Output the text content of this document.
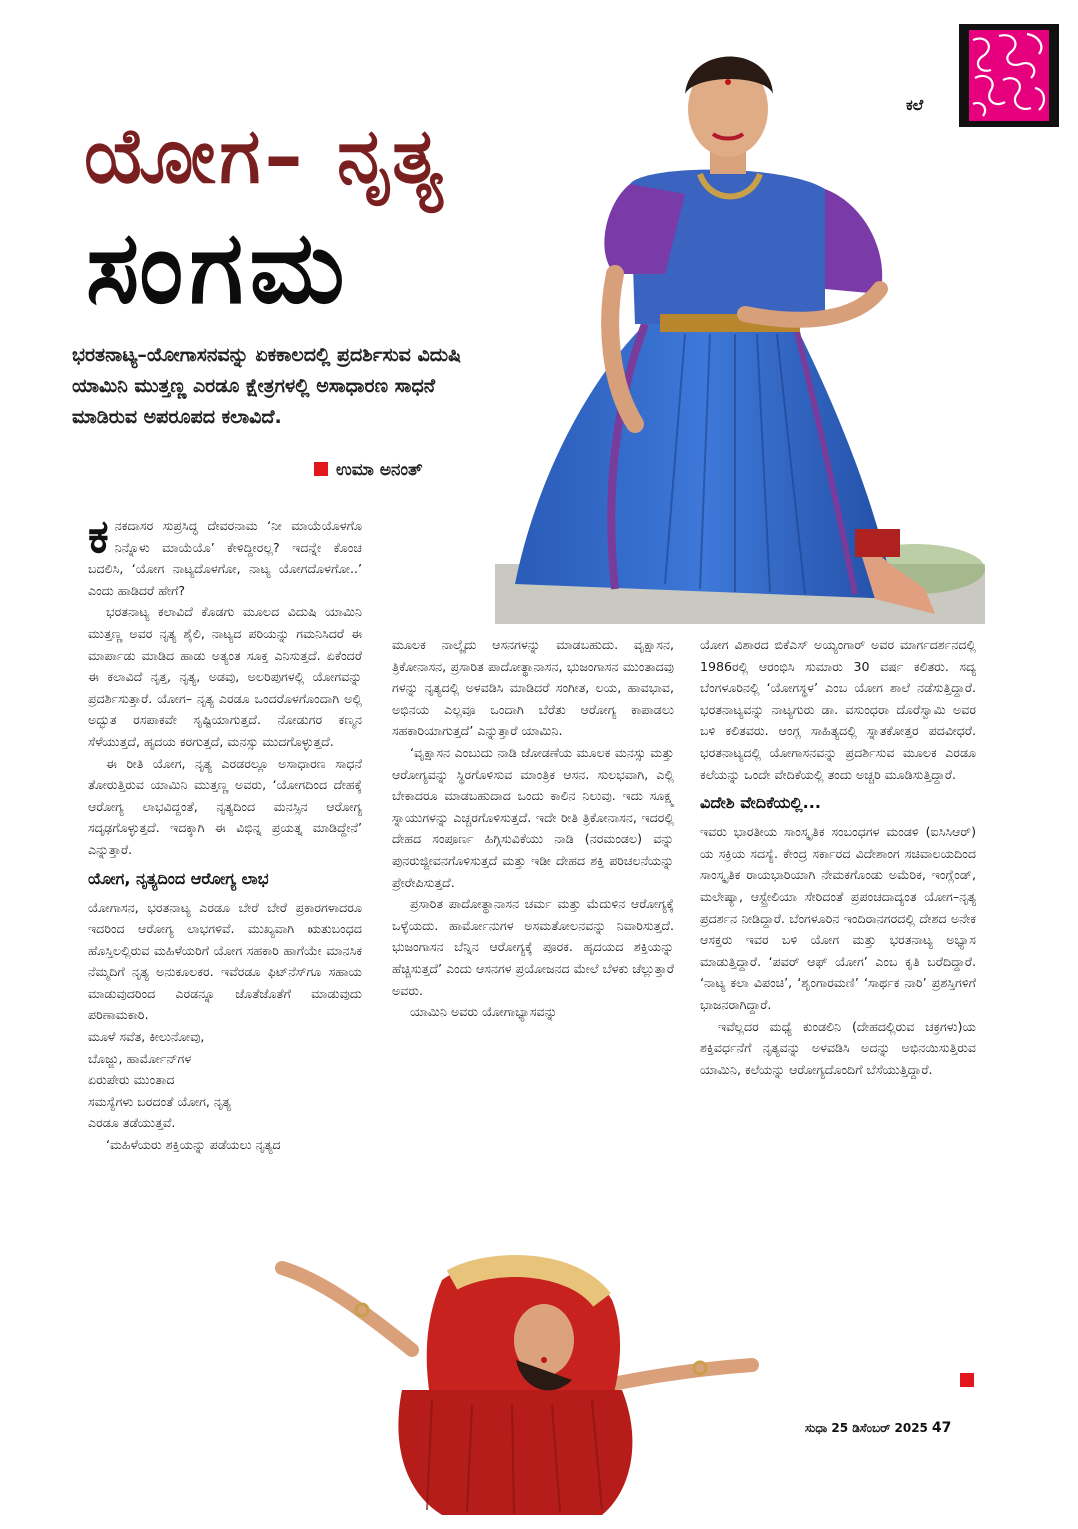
ಕಲೆ
ಯೋಗ– ನೃತ್ಯ
ಸಂಗಮ
ಭರತನಾಟ್ಯ–ಯೋಗಾಸನವನ್ನು ಏಕಕಾಲದಲ್ಲಿ ಪ್ರದರ್ಶಿಸುವ ವಿದುಷಿ ಯಾಮಿನಿ ಮುತ್ತಣ್ಣ ಎರಡೂ ಕ್ಷೇತ್ರಗಳಲ್ಲಿ ಅಸಾಧಾರಣ ಸಾಧನೆ ಮಾಡಿರುವ ಅಪರೂಪದ ಕಲಾವಿದೆ.
ಉಮಾ ಅನಂತ್

ಕನಕದಾಸರ ಸುಪ್ರಸಿದ್ಧ ದೇವರನಾಮ ‘ನೀ ಮಾಯೆಯೊಳಗೊ ನಿನ್ನೊಳು ಮಾಯೆಯೊ’ ಕೇಳಿದ್ದೀರಲ್ಲ? ಇದನ್ನೇ ಕೊಂಚ ಬದಲಿಸಿ, ‘ಯೋಗ ನಾಟ್ಯದೊಳಗೋ, ನಾಟ್ಯ ಯೋಗದೊಳಗೋ..’ ಎಂದು ಹಾಡಿದರೆ ಹೇಗೆ?

ಭರತನಾಟ್ಯ ಕಲಾವಿದೆ ಕೊಡಗು ಮೂಲದ ವಿದುಷಿ ಯಾಮಿನಿ ಮುತ್ತಣ್ಣ ಅವರ ನೃತ್ಯ ಶೈಲಿ, ನಾಟ್ಯದ ಪರಿಯನ್ನು ಗಮನಿಸಿದರೆ ಈ ಮಾರ್ಪಾಡು ಮಾಡಿದ ಹಾಡು ಅತ್ಯಂತ ಸೂಕ್ತ ಎನಿಸುತ್ತದೆ. ಏಕೆಂದರೆ ಈ ಕಲಾವಿದೆ ನೃತ್ತ, ನೃತ್ಯ, ಅಡವು, ಅಲರಿಪುಗಳಲ್ಲಿ ಯೋಗವನ್ನು ಪ್ರದರ್ಶಿಸುತ್ತಾರೆ. ಯೋಗ– ನೃತ್ಯ ಎರಡೂ ಒಂದರೊಳಗೊಂದಾಗಿ ಅಲ್ಲಿ ಅದ್ಭುತ ರಸಪಾಕವೇ ಸೃಷ್ಟಿಯಾಗುತ್ತದೆ. ನೋಡುಗರ ಕಣ್ಮನ ಸೆಳೆಯುತ್ತದೆ, ಹೃದಯ ಕರಗುತ್ತದೆ, ಮನಸ್ಸು ಮುದಗೊಳ್ಳುತ್ತದೆ.

ಈ ರೀತಿ ಯೋಗ, ನೃತ್ಯ ಎರಡರಲ್ಲೂ ಅಸಾಧಾರಣ ಸಾಧನೆ ತೋರುತ್ತಿರುವ ಯಾಮಿನಿ ಮುತ್ತಣ್ಣ ಅವರು, ‘ಯೋಗದಿಂದ ದೇಹಕ್ಕೆ ಆರೋಗ್ಯ ಲಾಭವಿದ್ದಂತೆ, ನೃತ್ಯದಿಂದ ಮನಸ್ಸಿನ ಆರೋಗ್ಯ ಸದೃಢಗೊಳ್ಳುತ್ತದೆ. ಇದಕ್ಕಾಗಿ ಈ ವಿಭಿನ್ನ ಪ್ರಯತ್ನ ಮಾಡಿದ್ದೇನೆ’ ಎನ್ನುತ್ತಾರೆ.

ಯೋಗ, ನೃತ್ಯದಿಂದ ಆರೋಗ್ಯ ಲಾಭ

ಯೋಗಾಸನ, ಭರತನಾಟ್ಯ ಎರಡೂ ಬೇರೆ ಬೇರೆ ಪ್ರಕಾರಗಳಾದರೂ ಇದರಿಂದ ಆರೋಗ್ಯ ಲಾಭಗಳಿವೆ. ಮುಖ್ಯವಾಗಿ ಋತುಬಂಧದ ಹೊಸ್ತಿಲಲ್ಲಿರುವ ಮಹಿಳೆಯರಿಗೆ ಯೋಗ ಸಹಕಾರಿ ಹಾಗೆಯೇ ಮಾನಸಿಕ ನೆಮ್ಮದಿಗೆ ನೃತ್ಯ ಅನುಕೂಲಕರ. ಇವೆರಡೂ ಫಿಟ್‌ನೆಸ್‌ಗೂ ಸಹಾಯ ಮಾಡುವುದರಿಂದ ಎರಡನ್ನೂ ಜೊತೆಜೊತೆಗೆ ಮಾಡುವುದು ಪರಿಣಾಮಕಾರಿ.

ಮೂಳೆ ಸವೆತ, ಕೀಲುನೋವು,
ಬೊಜ್ಜು, ಹಾರ್ಮೋನ್‌ಗಳ
ಏರುಪೇರು ಮುಂತಾದ
ಸಮಸ್ಯೆಗಳು ಬರದಂತೆ ಯೋಗ, ನೃತ್ಯ
ಎರಡೂ ತಡೆಯುತ್ತವೆ.

‘ಮಹಿಳೆಯರು ಶಕ್ತಿಯನ್ನು ಪಡೆಯಲು ನೃತ್ಯದ

ಮೂಲಕ ನಾಲ್ಕೈದು ಆಸನಗಳನ್ನು ಮಾಡಬಹುದು. ವೃಕ್ಷಾಸನ, ತ್ರಿಕೋನಾಸನ, ಪ್ರಸಾರಿತ ಪಾದೋತ್ಥಾನಾಸನ, ಭುಜಂಗಾಸನ ಮುಂತಾದವು ಗಳನ್ನು ನೃತ್ಯದಲ್ಲಿ ಅಳವಡಿಸಿ ಮಾಡಿದರೆ ಸಂಗೀತ, ಲಯ, ಹಾವಭಾವ, ಅಭಿನಯ ಎಲ್ಲವೂ ಒಂದಾಗಿ ಬೆರೆತು ಆರೋಗ್ಯ ಕಾಪಾಡಲು ಸಹಕಾರಿಯಾಗುತ್ತದೆ’ ಎನ್ನುತ್ತಾರೆ ಯಾಮಿನಿ.

‘ವೃಕ್ಷಾಸನ ಎಂಬುದು ನಾಡಿ ಜೋಡಣೆಯ ಮೂಲಕ ಮನಸ್ಸು ಮತ್ತು ಆರೋಗ್ಯವನ್ನು ಸ್ಥಿರಗೊಳಿಸುವ ಮಾಂತ್ರಿಕ ಆಸನ. ಸುಲಭವಾಗಿ, ಎಲ್ಲಿ ಬೇಕಾದರೂ ಮಾಡಬಹುದಾದ ಒಂದು ಕಾಲಿನ ನಿಲುವು. ಇದು ಸೂಕ್ಷ್ಮ ಸ್ನಾಯುಗಳನ್ನು ಎಚ್ಚರಗೊಳಿಸುತ್ತದೆ. ಇದೇ ರೀತಿ ತ್ರಿಕೋನಾಸನ, ಇದರಲ್ಲಿ ದೇಹದ ಸಂಪೂರ್ಣ ಹಿಗ್ಗಿಸುವಿಕೆಯು ನಾಡಿ (ನರಮಂಡಲ) ವನ್ನು ಪುನರುಜ್ಜೀವನಗೊಳಿಸುತ್ತದೆ ಮತ್ತು ಇಡೀ ದೇಹದ ಶಕ್ತಿ ಪರಿಚಲನೆಯನ್ನು ಪ್ರೇರೇಪಿಸುತ್ತದೆ.

ಪ್ರಸಾರಿತ ಪಾದೋತ್ಥಾನಾಸನ ಚರ್ಮ ಮತ್ತು ಮೆದುಳಿನ ಆರೋಗ್ಯಕ್ಕೆ ಒಳ್ಳೆಯದು. ಹಾರ್ಮೋನುಗಳ ಅಸಮತೋಲನವನ್ನು ನಿವಾರಿಸುತ್ತದೆ. ಭುಜಂಗಾಸನ ಬೆನ್ನಿನ ಆರೋಗ್ಯಕ್ಕೆ ಪೂರಕ. ಹೃದಯದ ಶಕ್ತಿಯನ್ನು ಹೆಚ್ಚಿಸುತ್ತದೆ’ ಎಂದು ಆಸನಗಳ ಪ್ರಯೋಜನದ ಮೇಲೆ ಬೆಳಕು ಚೆಲ್ಲುತ್ತಾರೆ ಅವರು.

ಯಾಮಿನಿ ಅವರು ಯೋಗಾಭ್ಯಾಸವನ್ನು

ಯೋಗ ವಿಶಾರದ ಬಿಕೆಎಸ್ ಅಯ್ಯಂಗಾರ್ ಅವರ ಮಾರ್ಗದರ್ಶನದಲ್ಲಿ 1986ರಲ್ಲಿ ಆರಂಭಿಸಿ ಸುಮಾರು 30 ವರ್ಷ ಕಲಿತರು. ಸದ್ಯ ಬೆಂಗಳೂರಿನಲ್ಲಿ ‘ಯೋಗಸ್ಥಳ’ ಎಂಬ ಯೋಗ ಶಾಲೆ ನಡೆಸುತ್ತಿದ್ದಾರೆ. ಭರತನಾಟ್ಯವನ್ನು ನಾಟ್ಯಗುರು ಡಾ. ವಸುಂಧರಾ ದೊರೆಸ್ವಾಮಿ ಅವರ ಬಳಿ ಕಲಿತವರು. ಆಂಗ್ಲ ಸಾಹಿತ್ಯದಲ್ಲಿ ಸ್ನಾತಕೋತ್ತರ ಪದವೀಧರೆ. ಭರತನಾಟ್ಯದಲ್ಲಿ ಯೋಗಾಸನವನ್ನು ಪ್ರದರ್ಶಿಸುವ ಮೂಲಕ ಎರಡೂ ಕಲೆಯನ್ನು ಒಂದೇ ವೇದಿಕೆಯಲ್ಲಿ ತಂದು ಅಚ್ಚರಿ ಮೂಡಿಸುತ್ತಿದ್ದಾರೆ.

ವಿದೇಶಿ ವೇದಿಕೆಯಲ್ಲಿ...

ಇವರು ಭಾರತೀಯ ಸಾಂಸ್ಕೃತಿಕ ಸಂಬಂಧಗಳ ಮಂಡಳಿ (ಐಸಿಸಿಆರ್) ಯ ಸಕ್ರಿಯ ಸದಸ್ಯೆ. ಕೇಂದ್ರ ಸರ್ಕಾರದ ವಿದೇಶಾಂಗ ಸಚಿವಾಲಯದಿಂದ ಸಾಂಸ್ಕೃತಿಕ ರಾಯಭಾರಿಯಾಗಿ ನೇಮಕಗೊಂಡು ಅಮೆರಿಕ, ಇಂಗ್ಲೆಂಡ್, ಮಲೇಷ್ಯಾ, ಆಸ್ಟ್ರೇಲಿಯಾ ಸೇರಿದಂತೆ ಪ್ರಪಂಚದಾದ್ಯಂತ ಯೋಗ–ನೃತ್ಯ ಪ್ರದರ್ಶನ ನೀಡಿದ್ದಾರೆ. ಬೆಂಗಳೂರಿನ ಇಂದಿರಾನಗರದಲ್ಲಿ ದೇಶದ ಅನೇಕ ಆಸಕ್ತರು ಇವರ ಬಳಿ ಯೋಗ ಮತ್ತು ಭರತನಾಟ್ಯ ಅಭ್ಯಾಸ ಮಾಡುತ್ತಿದ್ದಾರೆ. ‘ಪವರ್ ಆಫ್ ಯೋಗ’ ಎಂಬ ಕೃತಿ ಬರೆದಿದ್ದಾರೆ. ‘ನಾಟ್ಯ ಕಲಾ ವಿಪಂಚಿ’, ‘ಶೃಂಗಾರಮಣಿ’ ‘ಸಾರ್ಥಕ ನಾರಿ’ ಪ್ರಶಸ್ತಿಗಳಿಗೆ ಭಾಜನರಾಗಿದ್ದಾರೆ.

ಇವೆಲ್ಲದರ ಮಧ್ಯೆ ಕುಂಡಲಿನಿ (ದೇಹದಲ್ಲಿರುವ ಚಕ್ರಗಳು)ಯ ಶಕ್ತಿವರ್ಧನೆಗೆ ನೃತ್ಯವನ್ನು ಅಳವಡಿಸಿ ಅದನ್ನು ಅಭಿನಯಿಸುತ್ತಿರುವ ಯಾಮಿನಿ, ಕಲೆಯನ್ನು ಆರೋಗ್ಯದೊಂದಿಗೆ ಬೆಸೆಯುತ್ತಿದ್ದಾರೆ.

ಸುಧಾ 25 ಡಿಸೆಂಬರ್ 2025 47
